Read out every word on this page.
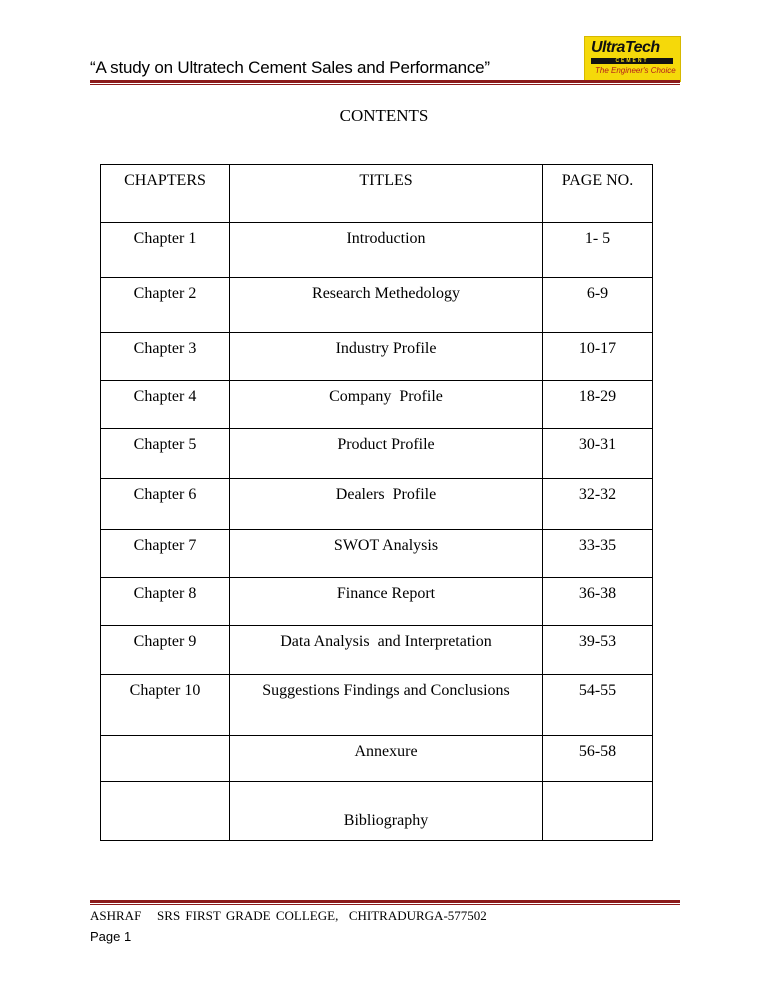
“A study on Ultratech Cement Sales and Performance”
UltraTech
CEMENT
The Engineer's Choice
CONTENTS
CHAPTERS	TITLES	PAGE NO.

Chapter 1	Introduction	1- 5

Chapter 2	Research Methedology	6-9

Chapter 3	Industry Profile	10-17

Chapter 4	Company  Profile	18-29

Chapter 5	Product Profile	30-31

Chapter 6	Dealers  Profile	32-32

Chapter 7	SWOT Analysis	33-35

Chapter 8	Finance Report	36-38

Chapter 9	Data Analysis  and Interpretation	39-53

Chapter 10	Suggestions Findings and Conclusions	54-55

	Annexure	56-58

	Bibliography	

ASHRAF   SRS FIRST GRADE COLLEGE,  CHITRADURGA-577502
Page 1
